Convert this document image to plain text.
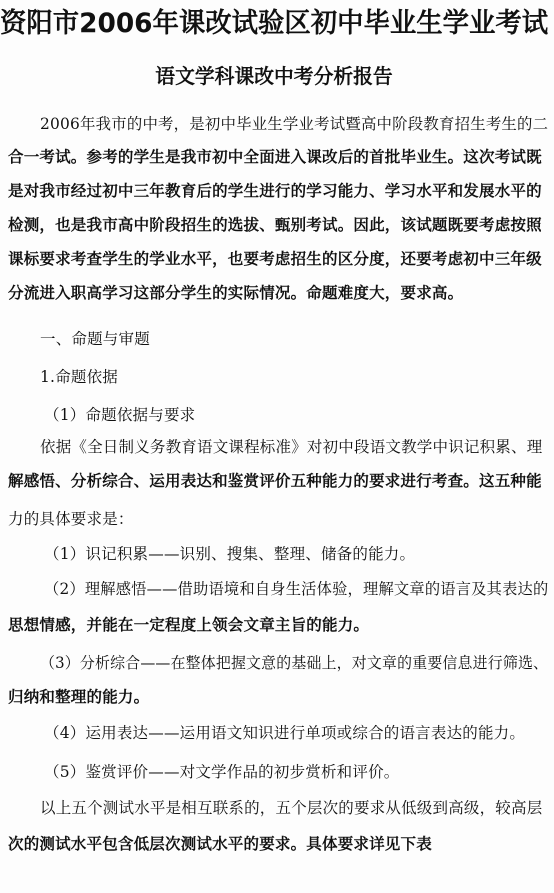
资阳市2006年课改试验区初中毕业生学业考试
语文学科课改中考分析报告
2006年我市的中考，是初中毕业生学业考试暨高中阶段教育招生考生的二
合一考试。参考的学生是我市初中全面进入课改后的首批毕业生。这次考试既
是对我市经过初中三年教育后的学生进行的学习能力、学习水平和发展水平的
检测，也是我市高中阶段招生的选拔、甄别考试。因此，该试题既要考虑按照
课标要求考查学生的学业水平，也要考虑招生的区分度，还要考虑初中三年级
分流进入职高学习这部分学生的实际情况。命题难度大，要求高。
一、命题与审题
1.命题依据
（1）命题依据与要求
依据《全日制义务教育语文课程标准》对初中段语文教学中识记积累、理
解感悟、分析综合、运用表达和鉴赏评价五种能力的要求进行考查。这五种能
力的具体要求是：
（1）识记积累——识别、搜集、整理、储备的能力。
（2）理解感悟——借助语境和自身生活体验，理解文章的语言及其表达的
思想情感，并能在一定程度上领会文章主旨的能力。
（3）分析综合——在整体把握文意的基础上，对文章的重要信息进行筛选、
归纳和整理的能力。
（4）运用表达——运用语文知识进行单项或综合的语言表达的能力。
（5）鉴赏评价——对文学作品的初步赏析和评价。
以上五个测试水平是相互联系的，五个层次的要求从低级到高级，较高层
次的测试水平包含低层次测试水平的要求。具体要求详见下表
